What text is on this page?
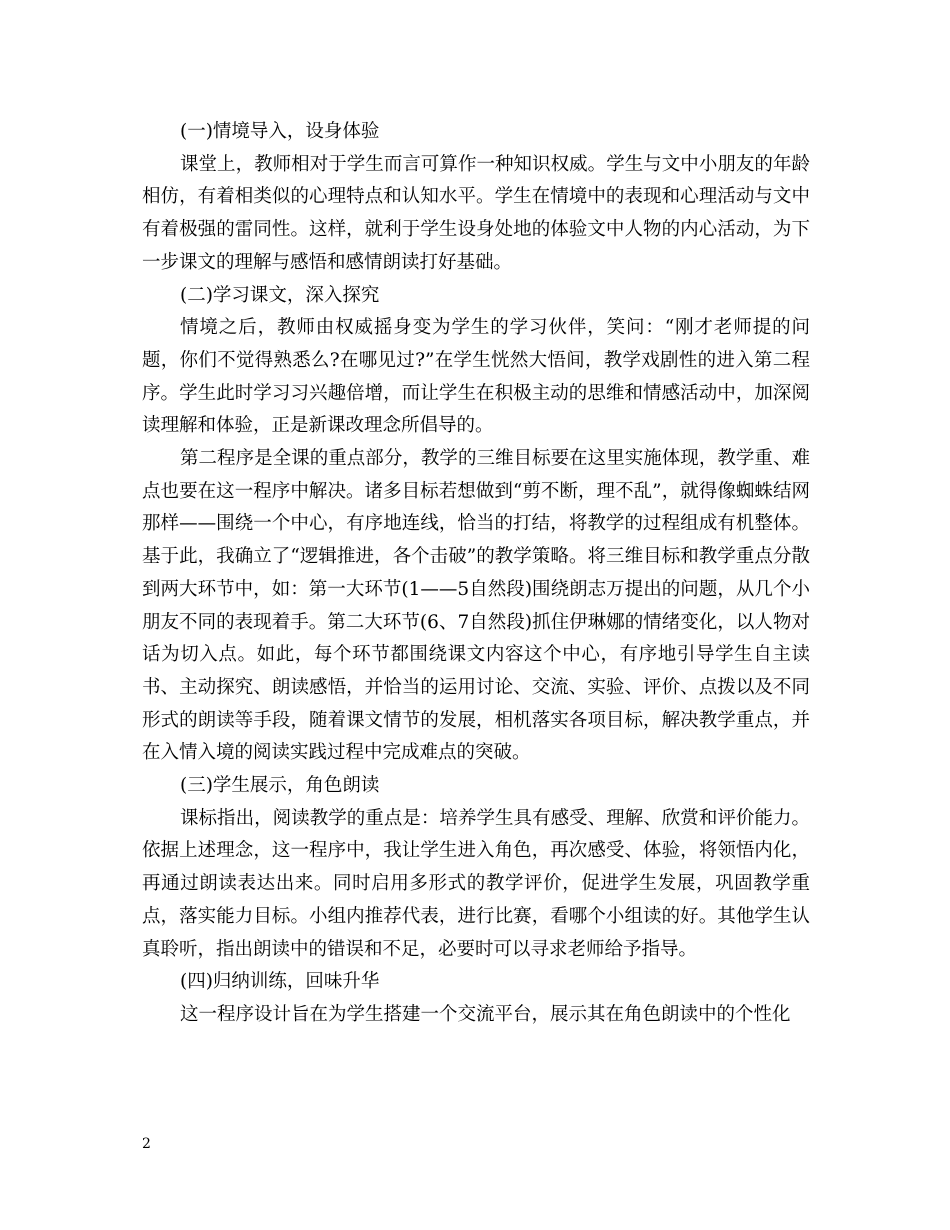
(一)情境导入，设身体验

课堂上，教师相对于学生而言可算作一种知识权威。学生与文中小朋友的年龄相仿，有着相类似的心理特点和认知水平。学生在情境中的表现和心理活动与文中有着极强的雷同性。这样，就利于学生设身处地的体验文中人物的内心活动，为下一步课文的理解与感悟和感情朗读打好基础。

(二)学习课文，深入探究

情境之后，教师由权威摇身变为学生的学习伙伴，笑问：“刚才老师提的问题，你们不觉得熟悉么?在哪见过?”在学生恍然大悟间，教学戏剧性的进入第二程序。学生此时学习习兴趣倍增，而让学生在积极主动的思维和情感活动中，加深阅读理解和体验，正是新课改理念所倡导的。

第二程序是全课的重点部分，教学的三维目标要在这里实施体现，教学重、难点也要在这一程序中解决。诸多目标若想做到“剪不断，理不乱”，就得像蜘蛛结网那样——围绕一个中心，有序地连线，恰当的打结，将教学的过程组成有机整体。基于此，我确立了“逻辑推进，各个击破”的教学策略。将三维目标和教学重点分散到两大环节中，如：第一大环节(1——5自然段)围绕朗志万提出的问题，从几个小朋友不同的表现着手。第二大环节(6、7自然段)抓住伊琳娜的情绪变化，以人物对话为切入点。如此，每个环节都围绕课文内容这个中心，有序地引导学生自主读书、主动探究、朗读感悟，并恰当的运用讨论、交流、实验、评价、点拨以及不同形式的朗读等手段，随着课文情节的发展，相机落实各项目标，解决教学重点，并在入情入境的阅读实践过程中完成难点的突破。

(三)学生展示，角色朗读

课标指出，阅读教学的重点是：培养学生具有感受、理解、欣赏和评价能力。依据上述理念，这一程序中，我让学生进入角色，再次感受、体验，将领悟内化，再通过朗读表达出来。同时启用多形式的教学评价，促进学生发展，巩固教学重点，落实能力目标。小组内推荐代表，进行比赛，看哪个小组读的好。其他学生认真聆听，指出朗读中的错误和不足，必要时可以寻求老师给予指导。

(四)归纳训练，回味升华

这一程序设计旨在为学生搭建一个交流平台，展示其在角色朗读中的个性化

2
